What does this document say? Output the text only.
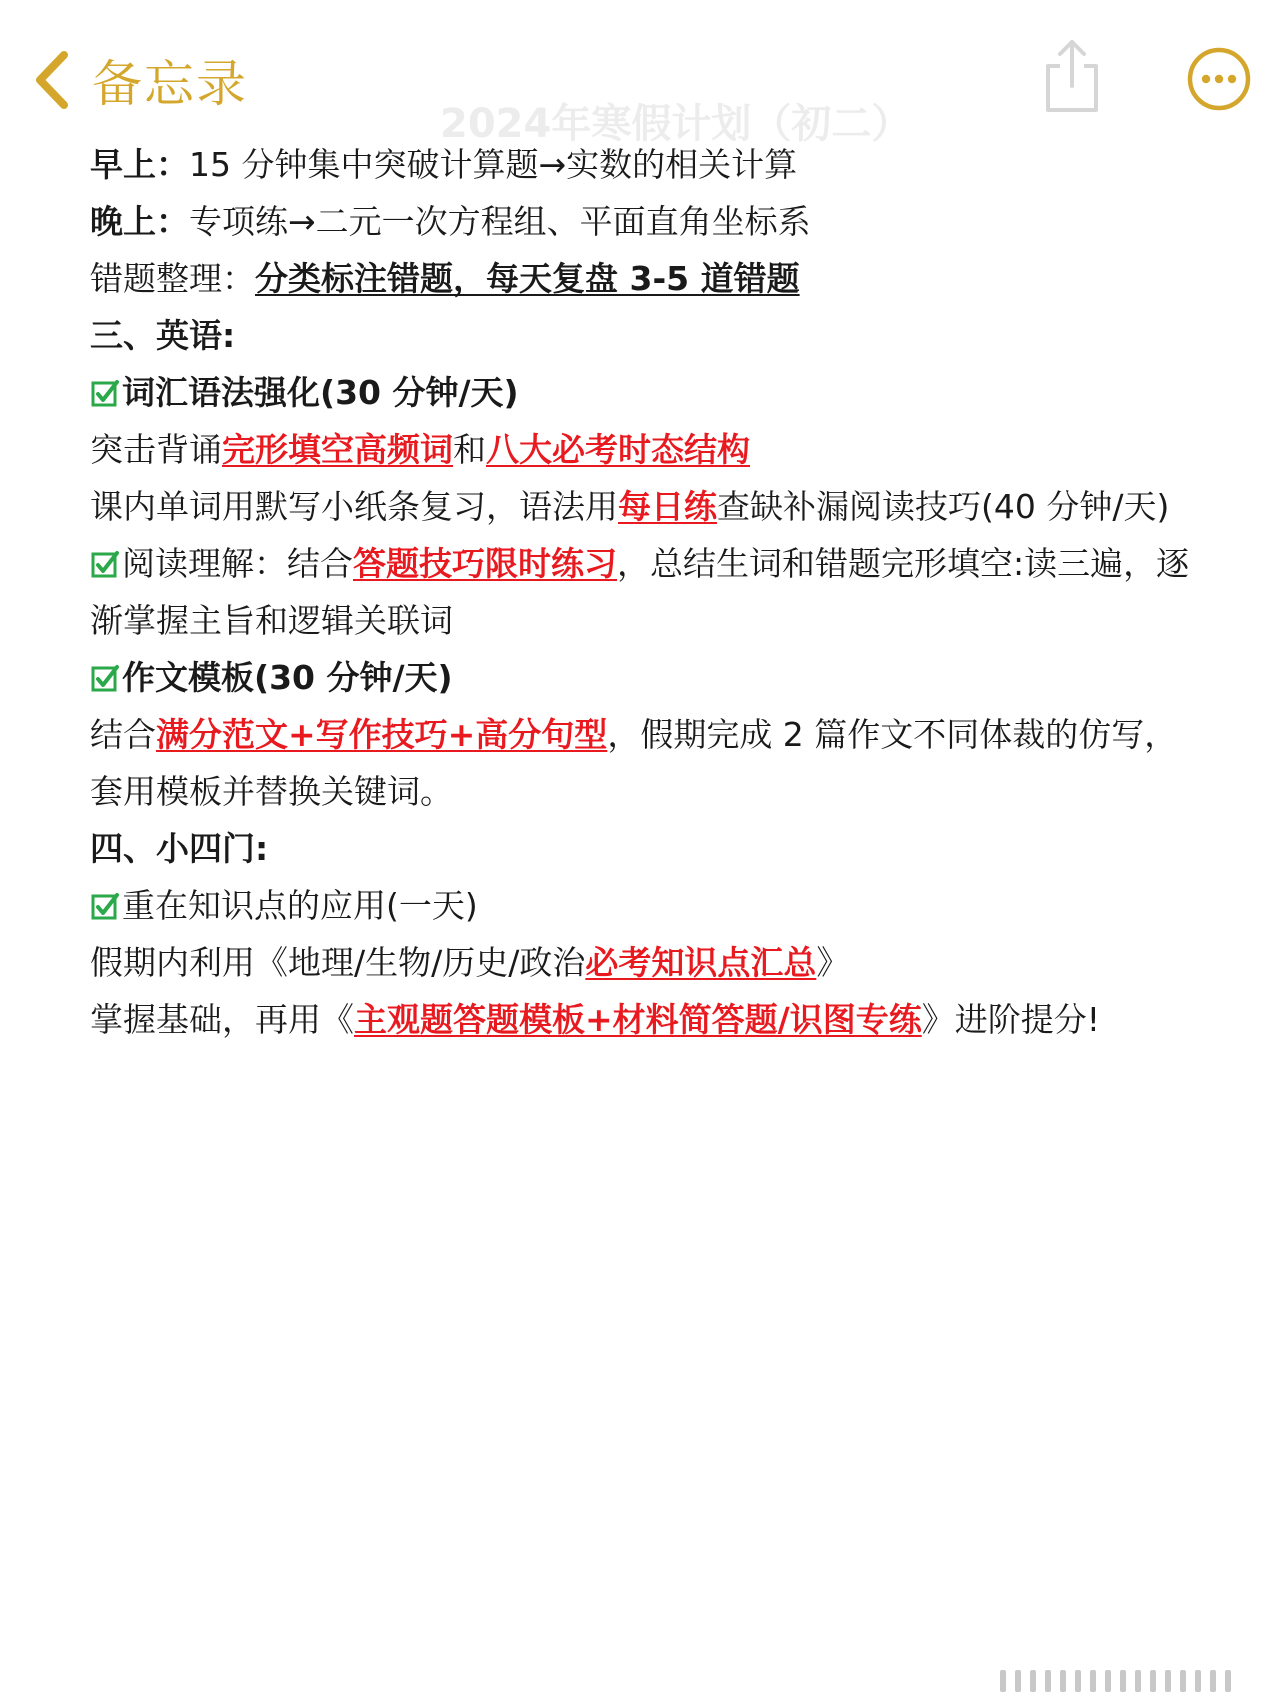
备忘录
2024年寒假计划（初二）
早上：15 分钟集中突破计算题→实数的相关计算
晚上：专项练→二元一次方程组、平面直角坐标系
错题整理：分类标注错题，每天复盘 3-5 道错题
三、英语:
词汇语法强化(30 分钟/天)
突击背诵完形填空高频词和八大必考时态结构
课内单词用默写小纸条复习，语法用每日练查缺补漏阅读技巧(40 分钟/天)
阅读理解：结合答题技巧限时练习，总结生词和错题完形填空:读三遍，逐渐掌握主旨和逻辑关联词
作文模板(30 分钟/天)
结合满分范文+写作技巧+高分句型，假期完成 2 篇作文不同体裁的仿写，套用模板并替换关键词。
四、小四门:
重在知识点的应用(一天)
假期内利用《地理/生物/历史/政治必考知识点汇总》
掌握基础，再用《主观题答题模板+材料简答题/识图专练》进阶提分!
